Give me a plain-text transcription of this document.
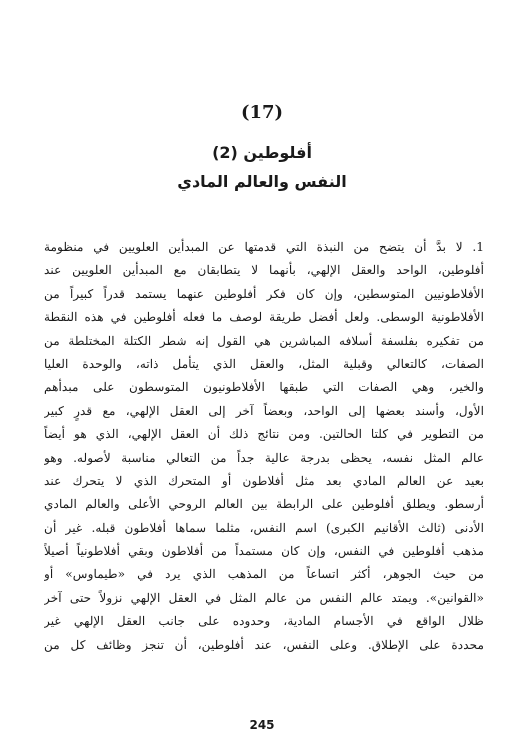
(17)
أفلوطين (2)
النفس والعالم المادي
1. لا بدَّ أن يتضح من النبذة التي قدمتها عن المبدأين العلويين في منظومة
أفلوطين، الواحد والعقل الإلهي، بأنهما لا يتطابقان مع المبدأين العلويين عند
الأفلاطونيين المتوسطين، وإن كان فكر أفلوطين عنهما يستمد قدراً كبيراً من
الأفلاطونية الوسطى. ولعل أفضل طريقة لوصف ما فعله أفلوطين في هذه النقطة
من تفكيره بفلسفة أسلافه المباشرين هي القول إنه شطر الكتلة المختلطة من
الصفات، كالتعالي وقبلية المثل، والعقل الذي يتأمل ذاته، والوحدة العليا
والخير، وهي الصفات التي طبقها الأفلاطونيون المتوسطون على مبدأهم
الأول، وأسند بعضها إلى الواحد، وبعضاً آخر إلى العقل الإلهي، مع قدرٍ كبير
من التطوير في كلتا الحالتين. ومن نتائج ذلك أن العقل الإلهي، الذي هو أيضاً
عالم المثل نفسه، يحظى بدرجة عالية جداً من التعالي مناسبة لأصوله. وهو
بعيد عن العالم المادي بعد مثل أفلاطون أو المتحرك الذي لا يتحرك عند
أرسطو. ويطلق أفلوطين على الرابطة بين العالم الروحي الأعلى والعالم المادي
الأدنى (ثالث الأقانيم الكبرى) اسم النفس، مثلما سماها أفلاطون قبله. غير أن
مذهب أفلوطين في النفس، وإن كان مستمداً من أفلاطون وبقي أفلاطونياً أصيلاً
من حيث الجوهر، أكثر اتساعاً من المذهب الذي يرد في «طيماوس» أو
«القوانين». ويمتد عالم النفس من عالم المثل في العقل الإلهي نزولاً حتى آخر
ظلال الواقع في الأجسام المادية، وحدوده على جانب العقل الإلهي غير
محددة على الإطلاق. وعلى النفس، عند أفلوطين، أن تنجز وظائف كل من
245
